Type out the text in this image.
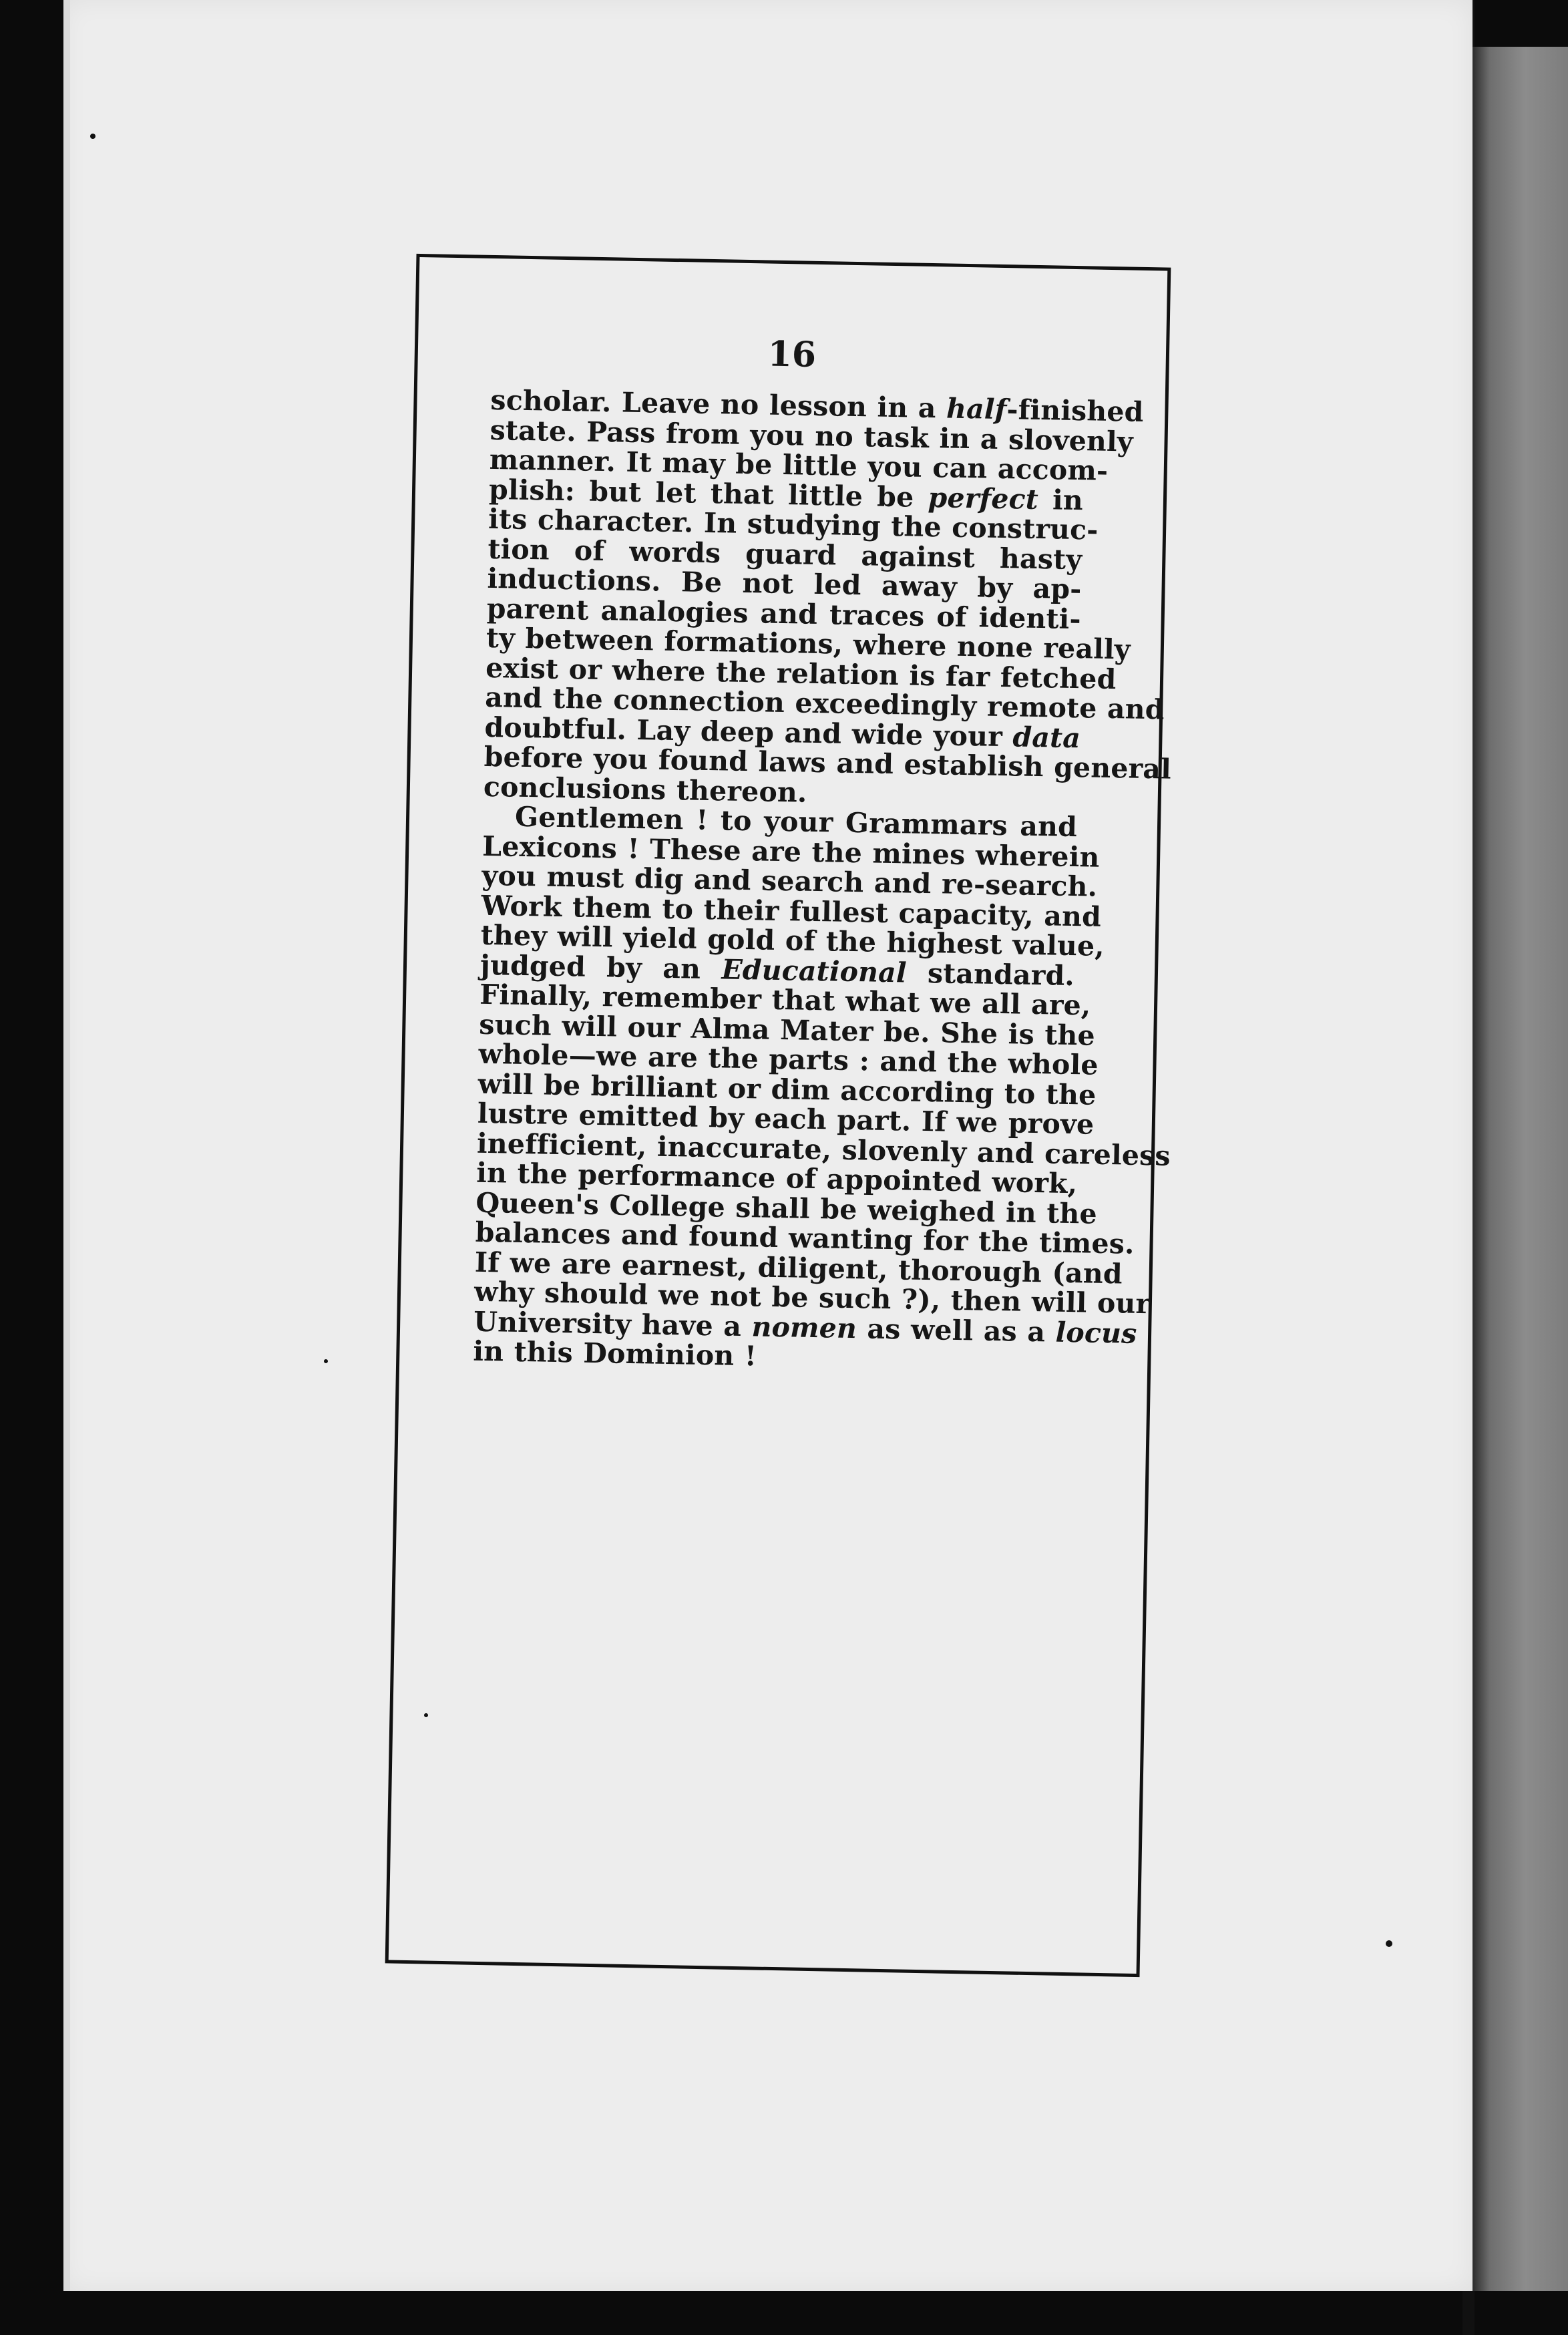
16
scholar. Leave no lesson in a half-finished
state. Pass from you no task in a slovenly
manner. It may be little you can accom-
plish: but let that little be perfect in
its character. In studying the construc-
tion of words guard against hasty
inductions. Be not led away by ap-
parent analogies and traces of identi-
ty between formations, where none really
exist or where the relation is far fetched
and the connection exceedingly remote and
doubtful. Lay deep and wide your data
before you found laws and establish general
conclusions thereon.
Gentlemen ! to your Grammars and
Lexicons ! These are the mines wherein
you must dig and search and re-search.
Work them to their fullest capacity, and
they will yield gold of the highest value,
judged by an Educational standard.
Finally, remember that what we all are,
such will our Alma Mater be. She is the
whole—we are the parts : and the whole
will be brilliant or dim according to the
lustre emitted by each part. If we prove
inefficient, inaccurate, slovenly and careless
in the performance of appointed work,
Queen's College shall be weighed in the
balances and found wanting for the times.
If we are earnest, diligent, thorough (and
why should we not be such ?), then will our
University have a nomen as well as a locus
in this Dominion !
